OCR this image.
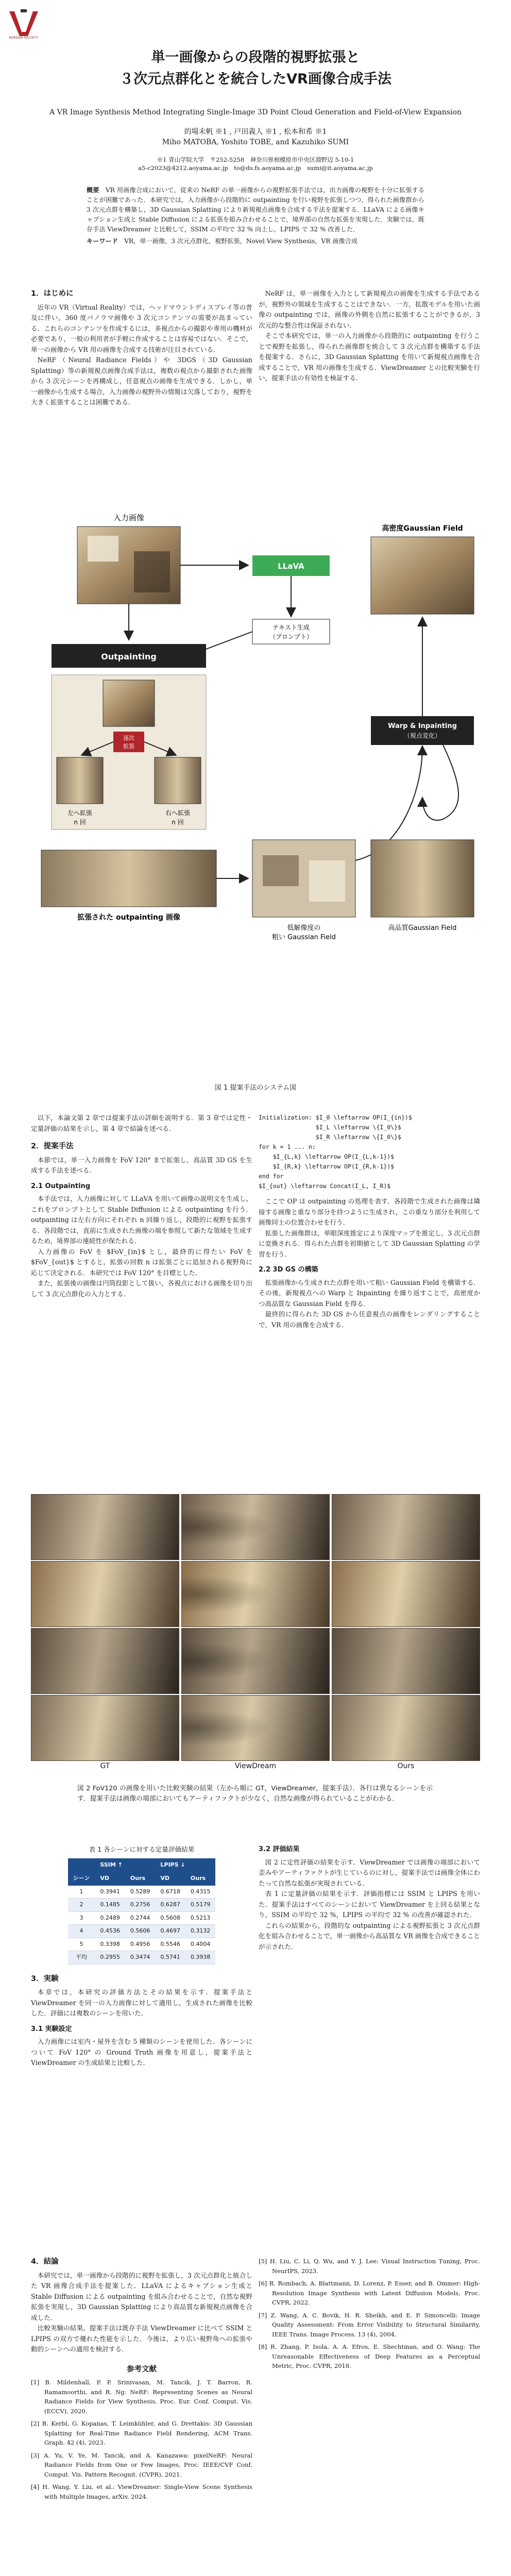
KOREAN SOCIETY
単一画像からの段階的視野拡張と
３次元点群化とを統合したVR画像合成手法
A VR Image Synthesis Method Integrating Single-Image 3D Point Cloud Generation and Field-of-View Expansion
的場未帆 ※1 , 戸田義人 ※1 , 松本和希 ※1
Miho MATOBA, Yoshito TOBE, and Kazuhiko SUMI
※1 青山学院大学　〒252-5258　神奈川県相模原市中央区淵野辺 5-10-1
a5-c2023@4212.aoyama.ac.jp　to@ds.fs.aoyama.ac.jp　sumi@it.aoyama.ac.jp
概要　 VR 用画像合成において，従来の NeRF の単一画像からの視野拡張手法では，出力画像の視野を十分に拡張することが困難であった．本研究では，入力画像から段階的に outpainting を行い視野を拡張しつつ，得られた画像群から 3 次元点群を構築し，3D Gaussian Splatting により新規視点画像を合成する手法を提案する．LLaVA による画像キャプション生成と Stable Diffusion による拡張を組み合わせることで，境界部の自然な拡張を実現した．実験では，既存手法 ViewDreamer と比較して，SSIM の平均で 32 % 向上し，LPIPS で 32 % 改善した．
キーワード　 VR，単一画像，3 次元点群化，視野拡張，Novel View Synthesis，VR 画像合成
1．はじめに

近年の VR（Virtual Reality）では，ヘッドマウントディスプレイ等の普及に伴い，360 度パノラマ画像や 3 次元コンテンツの需要が高まっている．これらのコンテンツを作成するには，多視点からの撮影や専用の機材が必要であり，一般の利用者が手軽に作成することは容易ではない．そこで，単一の画像から VR 用の画像を合成する技術が注目されている．

NeRF（Neural Radiance Fields）や 3DGS（3D Gaussian Splatting）等の新規視点画像合成手法は，複数の視点から撮影された画像から 3 次元シーンを再構成し，任意視点の画像を生成できる．しかし，単一画像から生成する場合，入力画像の視野外の情報は欠落しており，視野を大きく拡張することは困難である．

NeRF は，単一画像を入力として新規視点の画像を生成する手法であるが，視野外の領域を生成することはできない．一方，拡散モデルを用いた画像の outpainting では，画像の外側を自然に拡張することができるが，3 次元的な整合性は保証されない．

そこで本研究では，単一の入力画像から段階的に outpainting を行うことで視野を拡張し，得られた画像群を統合して 3 次元点群を構築する手法を提案する．さらに，3D Gaussian Splatting を用いて新規視点画像を合成することで，VR 用の画像を生成する．ViewDreamer との比較実験を行い，提案手法の有効性を検証する．

入力画像
LLaVA
テキスト生成
（プロンプト）
Outpainting
逐次
拡張
左へ拡張	右へ拡張
n 回	n 回
拡張された outpainting 画像
低解像度の
粗い Gaussian Field
高密度Gaussian Field
Warp & Inpainting
（視点変化）
高品質Gaussian Field
図 1 提案手法のシステム図

以下，本論文第 2 章では提案手法の詳細を説明する．第 3 章では定性・定量評価の結果を示し，第 4 章で結論を述べる．

2．提案手法

本節では，単一入力画像を FoV 120° まで拡張し，高品質 3D GS を生成する手法を述べる．

2.1 Outpainting

本手法では，入力画像に対して LLaVA を用いて画像の説明文を生成し，これをプロンプトとして Stable Diffusion による outpainting を行う．outpainting は左右方向にそれぞれ n 回繰り返し，段階的に視野を拡張する．各段階では，直前に生成された画像の端を参照して新たな領域を生成するため，境界部の連続性が保たれる．

入力画像の FoV を $FoV_{in}$ とし，最終的に得たい FoV を $FoV_{out}$ とすると，拡張の回数 n は拡張ごとに追加される視野角に応じて決定される．本研究では FoV 120° を目標とした．

また，拡張後の画像は円筒投影として扱い，各視点における画像を切り出して 3 次元点群化の入力とする．

Initialization: $I_0 \leftarrow OP(I_{in})$
$I_L \leftarrow \{I_0\}$
$I_R \leftarrow \{I_0\}$
for k = 1 ... n:
$I_{L,k} \leftarrow OP(I_{L,k-1})$
$I_{R,k} \leftarrow OP(I_{R,k-1})$
end for
$I_{out} \leftarrow Concat(I_L, I_R)$

ここで OP は outpainting の処理を表す．各段階で生成された画像は隣接する画像と重なり部分を持つように生成され，この重なり部分を利用して画像同士の位置合わせを行う．

拡張した画像群は，単眼深度推定により深度マップを推定し，3 次元点群に変換される．得られた点群を初期値として 3D Gaussian Splatting の学習を行う．

2.2 3D GS の構築

拡張画像から生成された点群を用いて粗い Gaussian Field を構築する．その後，新規視点への Warp と Inpainting を繰り返すことで，高密度かつ高品質な Gaussian Field を得る．

最終的に得られた 3D GS から任意視点の画像をレンダリングすることで，VR 用の画像を合成する．

GT	ViewDream	Ours
図 2 FoV120 の画像を用いた比較実験の結果（左から順に GT，ViewDreamer，提案手法）．各行は異なるシーンを示す．提案手法は画像の端部においてもアーティファクトが少なく，自然な画像が得られていることがわかる．
表 1 各シーンに対する定量評価結果
	SSIM ↑		LPIPS ↓	
シーン	VD	Ours	VD	Ours
1	0.3941	0.5289	0.6718	0.4315
2	0.1485	0.2756	0.6287	0.5179
3	0.2489	0.2744	0.5608	0.5213
4	0.4536	0.5606	0.4697	0.3132
5	0.3398	0.4956	0.5546	0.4004
平均	0.2955	0.3474	0.5741	0.3938
3．実験

本章では，本研究の評価方法とその結果を示す．提案手法と ViewDreamer を同一の入力画像に対して適用し，生成された画像を比較した．評価には複数のシーンを用いた．

3.1 実験設定

入力画像には室内・屋外を含む 5 種類のシーンを使用した．各シーンについて FoV 120° の Ground Truth 画像を用意し，提案手法と ViewDreamer の生成結果と比較した．

3.2 評価結果

図 2 に定性評価の結果を示す．ViewDreamer では画像の端部において歪みやアーティファクトが生じているのに対し，提案手法では画像全体にわたって自然な拡張が実現されている．

表 1 に定量評価の結果を示す．評価指標には SSIM と LPIPS を用いた．提案手法はすべてのシーンにおいて ViewDreamer を上回る結果となり，SSIM の平均で 32 %，LPIPS の平均で 32 % の改善が確認された．

これらの結果から，段階的な outpainting による視野拡張と 3 次元点群化を組み合わせることで，単一画像から高品質な VR 画像を合成できることが示された．

4．結論

本研究では，単一画像から段階的に視野を拡張し，3 次元点群化と統合した VR 画像合成手法を提案した．LLaVA によるキャプション生成と Stable Diffusion による outpainting を組み合わせることで，自然な視野拡張を実現し，3D Gaussian Splatting により高品質な新規視点画像を合成した．

比較実験の結果，提案手法は既存手法 ViewDreamer に比べて SSIM と LPIPS の双方で優れた性能を示した．今後は，より広い視野角への拡張や動的シーンへの適用を検討する．

参考文献
[1] B. Mildenhall, P. P. Srinivasan, M. Tancik, J. T. Barron, R. Ramamoorthi, and R. Ng: NeRF: Representing Scenes as Neural Radiance Fields for View Synthesis, Proc. Eur. Conf. Comput. Vis. (ECCV), 2020.
[2] B. Kerbl, G. Kopanas, T. Leimkühler, and G. Drettakis: 3D Gaussian Splatting for Real-Time Radiance Field Rendering, ACM Trans. Graph. 42 (4), 2023.
[3] A. Yu, V. Ye, M. Tancik, and A. Kanazawa: pixelNeRF: Neural Radiance Fields from One or Few Images, Proc. IEEE/CVF Conf. Comput. Vis. Pattern Recognit. (CVPR), 2021.
[4] H. Wang, Y. Liu, et al.: ViewDreamer: Single-View Scene Synthesis with Multiple Images, arXiv, 2024.
[5] H. Liu, C. Li, Q. Wu, and Y. J. Lee: Visual Instruction Tuning, Proc. NeurIPS, 2023.
[6] R. Rombach, A. Blattmann, D. Lorenz, P. Esser, and B. Ommer: High-Resolution Image Synthesis with Latent Diffusion Models, Proc. CVPR, 2022.
[7] Z. Wang, A. C. Bovik, H. R. Sheikh, and E. P. Simoncelli: Image Quality Assessment: From Error Visibility to Structural Similarity, IEEE Trans. Image Process. 13 (4), 2004.
[8] R. Zhang, P. Isola, A. A. Efros, E. Shechtman, and O. Wang: The Unreasonable Effectiveness of Deep Features as a Perceptual Metric, Proc. CVPR, 2018.
